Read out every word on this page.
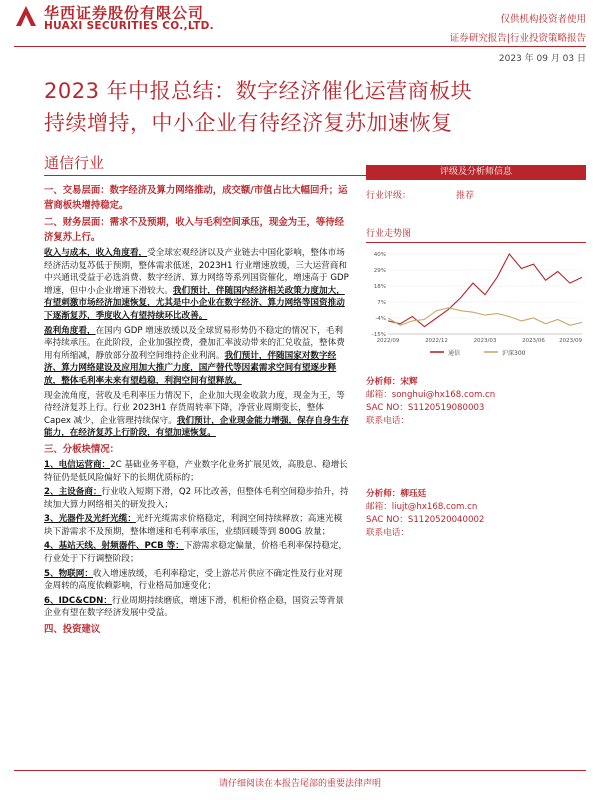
华西证券股份有限公司
HUAXI SECURITIES CO.,LTD.
仅供机构投资者使用
证券研究报告|行业投资策略报告
2023 年 09 月 03 日
2023 年中报总结：数字经济催化运营商板块
持续增持，中小企业有待经济复苏加速恢复
通信行业

一、交易层面：数字经济及算力网络推动，成交额/市值占比大幅回升；运营商板块增持稳定。

二、财务层面：需求不及预期，收入与毛利空间承压，现金为王，等待经济复苏上行。

收入与成本，收入角度看，受全球宏观经济以及产业链去中国化影响，整体市场经济活动复苏低于预期，整体需求低迷，2023H1 行业增速放缓，三大运营商和中兴通讯受益于必选消费、数字经济、算力网络等系列国资催化，增速高于 GDP 增速，但中小企业增速下滑较大。我们预计，伴随国内经济相关政策力度加大，有望刺激市场经济加速恢复，尤其是中小企业在数字经济、算力网络等国资推动下逐渐复苏，季度收入有望持续环比改善。

盈利角度看，在国内 GDP 增速放缓以及全球贸易形势仍不稳定的情况下，毛利率持续承压。在此阶段，企业加强控费，叠加汇率波动带来的汇兑收益，整体费用有所缩减，静放部分盈利空间维持企业利润。我们预计，伴随国家对数字经济、算力网络建设及应用加大推广力度，国产替代等因素需求空间有望逐步释放，整体毛利率未来有望趋稳，利润空间有望释放。

现金流角度，营收及毛利率压力情况下，企业加大现金收款力度，现金为王，等待经济复苏上行。行业 2023H1 存货周转率下降，净营业周期变长，整体 Capex 减少，企业管理持续保守。我们预计，企业现金能力增强，保存自身生存能力，在经济复苏上行阶段，有望加速恢复。

三、分板块情况：

1、电信运营商：2C 基础业务平稳，产业数字化业务扩展见效，高股息、稳增长特征仍是低风险偏好下的长期优质标的；

2、主设备商：行业收入短期下滑，Q2 环比改善，但整体毛利空间稳步抬升，持续加大算力网络相关的研发投入；

3、光器件及光纤光缆：光纤光缆需求价格稳定，利润空间持续释放；高速光模块下游需求不及预期，整体增速和毛利率承压，业绩回暖等到 800G 放量；

4、基站天线、射频器件、PCB 等：下游需求稳定偏量，价格毛利率保持稳定，行业处于下行调整阶段；

5、物联网：收入增速放缓，毛利率稳定，受上游芯片供应不确定性及行业对现金周转的高度依赖影响，行业格局加速变化；

6、IDC&CDN：行业周期持续磨底，增速下滑，机柜价格企稳，国资云等背景企业有望在数字经济发展中受益。

四、投资建议

评级及分析师信息
行业评级：	推荐
行业走势图
40%
29%
18%
7%
-4%
-15%
2022/09	2022/12	2023/03	2023/06	2023/09
通信	沪深300
分析师：宋辉
邮箱：songhui@hx168.com.cn
SAC NO：S1120519080003
联系电话：
分析师：柳珏廷
邮箱：liujt@hx168.com.cn
SAC NO：S1120520040002
联系电话：
请仔细阅读在本报告尾部的重要法律声明
